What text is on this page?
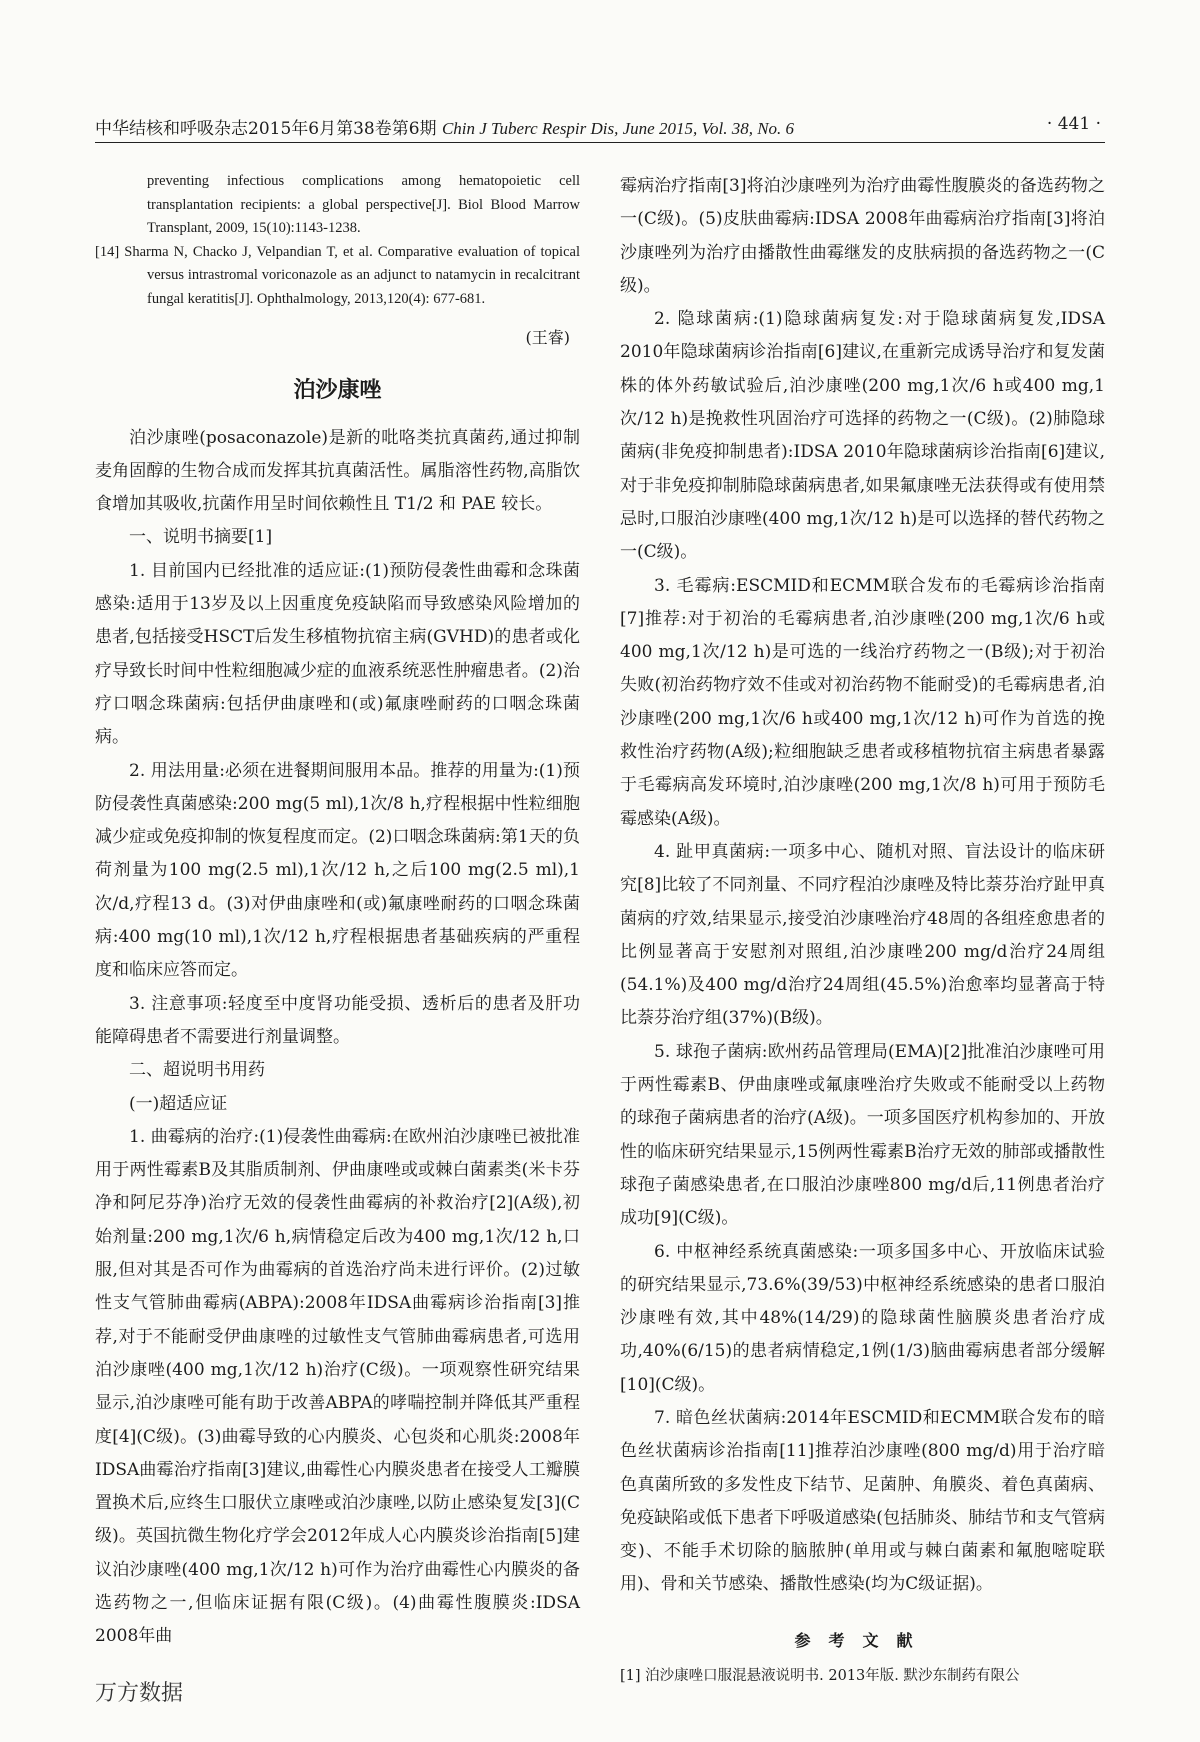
中华结核和呼吸杂志2015年6月第38卷第6期 Chin J Tuberc Respir Dis, June 2015, Vol. 38, No. 6	· 441 ·

preventing infectious complications among hematopoietic cell transplantation recipients: a global perspective[J]. Biol Blood Marrow Transplant, 2009, 15(10):1143-1238.

[14] Sharma N, Chacko J, Velpandian T, et al. Comparative evaluation of topical versus intrastromal voriconazole as an adjunct to natamycin in recalcitrant fungal keratitis[J]. Ophthalmology, 2013,120(4): 677-681.

(王睿)
泊沙康唑

泊沙康唑(posaconazole)是新的吡咯类抗真菌药,通过抑制麦角固醇的生物合成而发挥其抗真菌活性。属脂溶性药物,高脂饮食增加其吸收,抗菌作用呈时间依赖性且 T1/2 和 PAE 较长。

一、说明书摘要[1]

1. 目前国内已经批准的适应证:(1)预防侵袭性曲霉和念珠菌感染:适用于13岁及以上因重度免疫缺陷而导致感染风险增加的患者,包括接受HSCT后发生移植物抗宿主病(GVHD)的患者或化疗导致长时间中性粒细胞减少症的血液系统恶性肿瘤患者。(2)治疗口咽念珠菌病:包括伊曲康唑和(或)氟康唑耐药的口咽念珠菌病。

2. 用法用量:必须在进餐期间服用本品。推荐的用量为:(1)预防侵袭性真菌感染:200 mg(5 ml),1次/8 h,疗程根据中性粒细胞减少症或免疫抑制的恢复程度而定。(2)口咽念珠菌病:第1天的负荷剂量为100 mg(2.5 ml),1次/12 h,之后100 mg(2.5 ml),1次/d,疗程13 d。(3)对伊曲康唑和(或)氟康唑耐药的口咽念珠菌病:400 mg(10 ml),1次/12 h,疗程根据患者基础疾病的严重程度和临床应答而定。

3. 注意事项:轻度至中度肾功能受损、透析后的患者及肝功能障碍患者不需要进行剂量调整。

二、超说明书用药

(一)超适应证

1. 曲霉病的治疗:(1)侵袭性曲霉病:在欧州泊沙康唑已被批准用于两性霉素B及其脂质制剂、伊曲康唑或或棘白菌素类(米卡芬净和阿尼芬净)治疗无效的侵袭性曲霉病的补救治疗[2](A级),初始剂量:200 mg,1次/6 h,病情稳定后改为400 mg,1次/12 h,口服,但对其是否可作为曲霉病的首选治疗尚未进行评价。(2)过敏性支气管肺曲霉病(ABPA):2008年IDSA曲霉病诊治指南[3]推荐,对于不能耐受伊曲康唑的过敏性支气管肺曲霉病患者,可选用泊沙康唑(400 mg,1次/12 h)治疗(C级)。一项观察性研究结果显示,泊沙康唑可能有助于改善ABPA的哮喘控制并降低其严重程度[4](C级)。(3)曲霉导致的心内膜炎、心包炎和心肌炎:2008年IDSA曲霉治疗指南[3]建议,曲霉性心内膜炎患者在接受人工瓣膜置换术后,应终生口服伏立康唑或泊沙康唑,以防止感染复发[3](C级)。英国抗微生物化疗学会2012年成人心内膜炎诊治指南[5]建议泊沙康唑(400 mg,1次/12 h)可作为治疗曲霉性心内膜炎的备选药物之一,但临床证据有限(C级)。(4)曲霉性腹膜炎:IDSA 2008年曲

霉病治疗指南[3]将泊沙康唑列为治疗曲霉性腹膜炎的备选药物之一(C级)。(5)皮肤曲霉病:IDSA 2008年曲霉病治疗指南[3]将泊沙康唑列为治疗由播散性曲霉继发的皮肤病损的备选药物之一(C级)。

2. 隐球菌病:(1)隐球菌病复发:对于隐球菌病复发,IDSA 2010年隐球菌病诊治指南[6]建议,在重新完成诱导治疗和复发菌株的体外药敏试验后,泊沙康唑(200 mg,1次/6 h或400 mg,1次/12 h)是挽救性巩固治疗可选择的药物之一(C级)。(2)肺隐球菌病(非免疫抑制患者):IDSA 2010年隐球菌病诊治指南[6]建议,对于非免疫抑制肺隐球菌病患者,如果氟康唑无法获得或有使用禁忌时,口服泊沙康唑(400 mg,1次/12 h)是可以选择的替代药物之一(C级)。

3. 毛霉病:ESCMID和ECMM联合发布的毛霉病诊治指南[7]推荐:对于初治的毛霉病患者,泊沙康唑(200 mg,1次/6 h或400 mg,1次/12 h)是可选的一线治疗药物之一(B级);对于初治失败(初治药物疗效不佳或对初治药物不能耐受)的毛霉病患者,泊沙康唑(200 mg,1次/6 h或400 mg,1次/12 h)可作为首选的挽救性治疗药物(A级);粒细胞缺乏患者或移植物抗宿主病患者暴露于毛霉病高发环境时,泊沙康唑(200 mg,1次/8 h)可用于预防毛霉感染(A级)。

4. 趾甲真菌病:一项多中心、随机对照、盲法设计的临床研究[8]比较了不同剂量、不同疗程泊沙康唑及特比萘芬治疗趾甲真菌病的疗效,结果显示,接受泊沙康唑治疗48周的各组痊愈患者的比例显著高于安慰剂对照组,泊沙康唑200 mg/d治疗24周组(54.1%)及400 mg/d治疗24周组(45.5%)治愈率均显著高于特比萘芬治疗组(37%)(B级)。

5. 球孢子菌病:欧州药品管理局(EMA)[2]批准泊沙康唑可用于两性霉素B、伊曲康唑或氟康唑治疗失败或不能耐受以上药物的球孢子菌病患者的治疗(A级)。一项多国医疗机构参加的、开放性的临床研究结果显示,15例两性霉素B治疗无效的肺部或播散性球孢子菌感染患者,在口服泊沙康唑800 mg/d后,11例患者治疗成功[9](C级)。

6. 中枢神经系统真菌感染:一项多国多中心、开放临床试验的研究结果显示,73.6%(39/53)中枢神经系统感染的患者口服泊沙康唑有效,其中48%(14/29)的隐球菌性脑膜炎患者治疗成功,40%(6/15)的患者病情稳定,1例(1/3)脑曲霉病患者部分缓解[10](C级)。

7. 暗色丝状菌病:2014年ESCMID和ECMM联合发布的暗色丝状菌病诊治指南[11]推荐泊沙康唑(800 mg/d)用于治疗暗色真菌所致的多发性皮下结节、足菌肿、角膜炎、着色真菌病、免疫缺陷或低下患者下呼吸道感染(包括肺炎、肺结节和支气管病变)、不能手术切除的脑脓肿(单用或与棘白菌素和氟胞嘧啶联用)、骨和关节感染、播散性感染(均为C级证据)。

参考文献

[1] 泊沙康唑口服混悬液说明书. 2013年版. 默沙东制药有限公

万方数据
